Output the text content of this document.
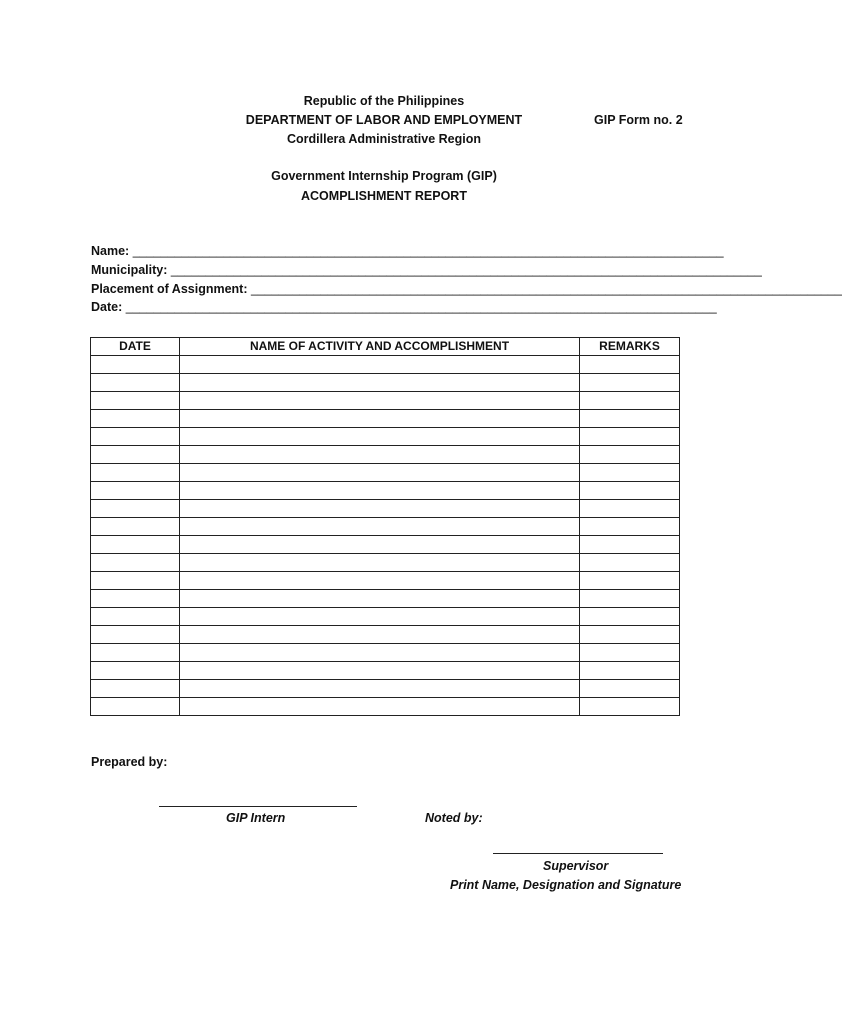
Republic of the Philippines
DEPARTMENT OF LABOR AND EMPLOYMENT
Cordillera Administrative Region
GIP Form no. 2
Government Internship Program (GIP)
ACOMPLISHMENT REPORT
Name: _____________________________________________________________________________________
Municipality: _____________________________________________________________________________________
Placement of Assignment: _____________________________________________________________________________________
Date: _____________________________________________________________________________________
DATE	NAME OF ACTIVITY AND ACCOMPLISHMENT	REMARKS

Prepared by:
GIP Intern	Noted by:
Supervisor
Print Name, Designation and Signature
